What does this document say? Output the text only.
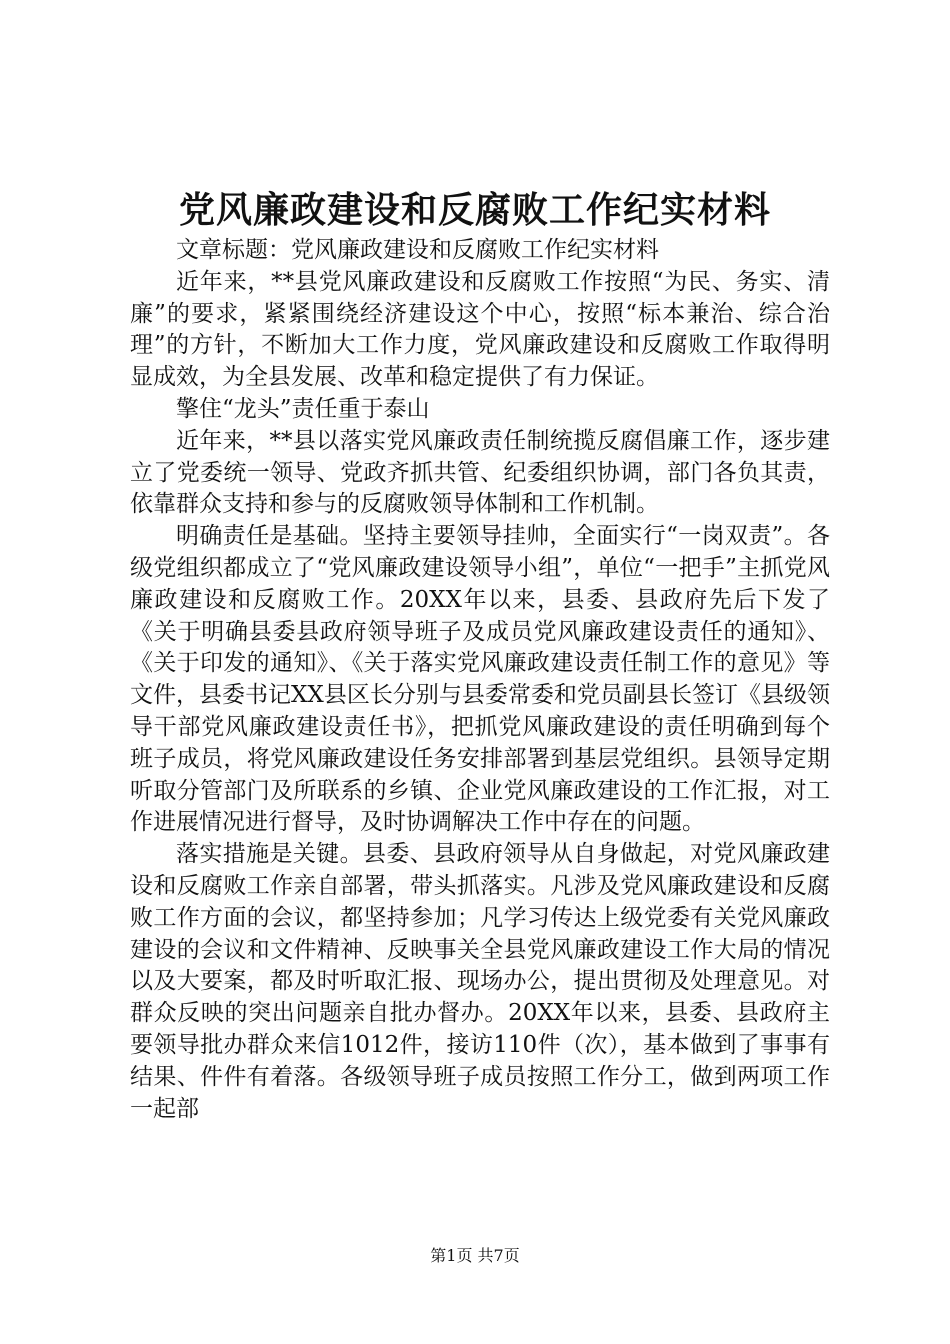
党风廉政建设和反腐败工作纪实材料

文章标题：党风廉政建设和反腐败工作纪实材料

近年来，**县党风廉政建设和反腐败工作按照“为民、务实、清廉”的要求，紧紧围绕经济建设这个中心，按照“标本兼治、综合治理”的方针，不断加大工作力度，党风廉政建设和反腐败工作取得明显成效，为全县发展、改革和稳定提供了有力保证。

擎住“龙头”责任重于泰山

近年来，**县以落实党风廉政责任制统揽反腐倡廉工作，逐步建立了党委统一领导、党政齐抓共管、纪委组织协调，部门各负其责，依靠群众支持和参与的反腐败领导体制和工作机制。

明确责任是基础。坚持主要领导挂帅，全面实行“一岗双责”。各级党组织都成立了“党风廉政建设领导小组”，单位“一把手”主抓党风廉政建设和反腐败工作。20XX年以来，县委、县政府先后下发了《关于明确县委县政府领导班子及成员党风廉政建设责任的通知》、《关于印发的通知》、《关于落实党风廉政建设责任制工作的意见》等文件，县委书记XX县区长分别与县委常委和党员副县长签订《县级领导干部党风廉政建设责任书》，把抓党风廉政建设的责任明确到每个班子成员，将党风廉政建设任务安排部署到基层党组织。县领导定期听取分管部门及所联系的乡镇、企业党风廉政建设的工作汇报，对工作进展情况进行督导，及时协调解决工作中存在的问题。

落实措施是关键。县委、县政府领导从自身做起，对党风廉政建设和反腐败工作亲自部署，带头抓落实。凡涉及党风廉政建设和反腐败工作方面的会议，都坚持参加；凡学习传达上级党委有关党风廉政建设的会议和文件精神、反映事关全县党风廉政建设工作大局的情况以及大要案，都及时听取汇报、现场办公，提出贯彻及处理意见。对群众反映的突出问题亲自批办督办。20XX年以来，县委、县政府主要领导批办群众来信1012件，接访110件（次），基本做到了事事有结果、件件有着落。各级领导班子成员按照工作分工，做到两项工作一起部

第1页 共7页
